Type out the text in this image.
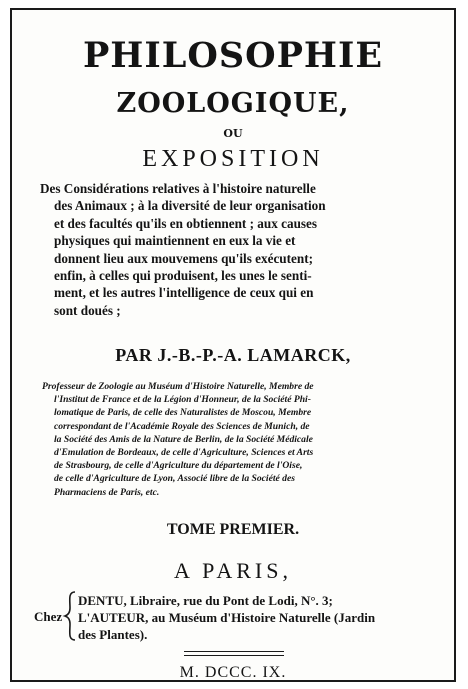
PHILOSOPHIE
ZOOLOGIQUE,
OU
EXPOSITION
Des Considérations relatives à l'histoire naturelle
des Animaux ; à la diversité de leur organisation
et des facultés qu'ils en obtiennent ; aux causes
physiques qui maintiennent en eux la vie et
donnent lieu aux mouvemens qu'ils exécutent;
enfin, à celles qui produisent, les unes le senti-
ment, et les autres l'intelligence de ceux qui en
sont doués ;
PAR J.-B.-P.-A. LAMARCK,
Professeur de Zoologie au Muséum d'Histoire Naturelle, Membre de
l'Institut de France et de la Légion d'Honneur, de la Société Phi-
lomatique de Paris, de celle des Naturalistes de Moscou, Membre
correspondant de l'Académie Royale des Sciences de Munich, de
la Société des Amis de la Nature de Berlin, de la Société Médicale
d'Emulation de Bordeaux, de celle d'Agriculture, Sciences et Arts
de Strasbourg, de celle d'Agriculture du département de l'Oise,
de celle d'Agriculture de Lyon, Associé libre de la Société des
Pharmaciens de Paris, etc.
TOME PREMIER.
A PARIS,
Chez
DENTU, Libraire, rue du Pont de Lodi, N°. 3;
L'AUTEUR, au Muséum d'Histoire Naturelle (Jardin
des Plantes).
M. DCCC. IX.
